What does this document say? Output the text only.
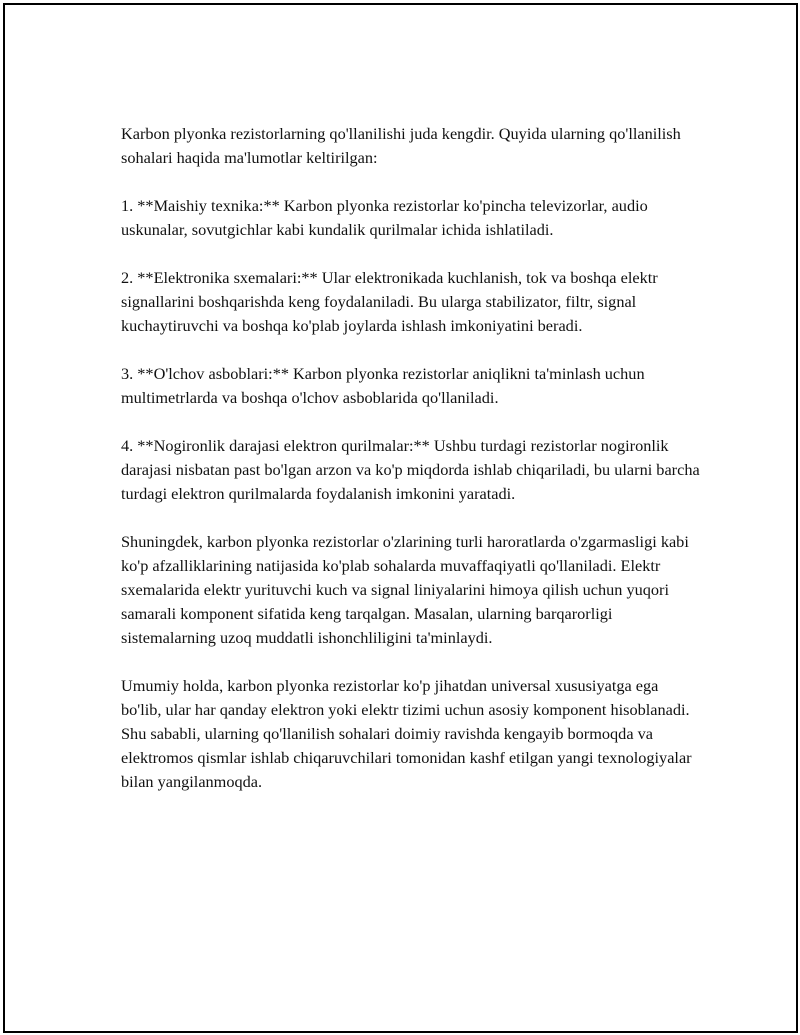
Karbon plyonka rezistorlarning qo'llanilishi juda kengdir. Quyida ularning qo'llanilish sohalari haqida ma'lumotlar keltirilgan:

1. **Maishiy texnika:** Karbon plyonka rezistorlar ko'pincha televizorlar, audio uskunalar, sovutgichlar kabi kundalik qurilmalar ichida ishlatiladi.

2. **Elektronika sxemalari:** Ular elektronikada kuchlanish, tok va boshqa elektr signallarini boshqarishda keng foydalaniladi. Bu ularga stabilizator, filtr, signal kuchaytiruvchi va boshqa ko'plab joylarda ishlash imkoniyatini beradi.

3. **O'lchov asboblari:** Karbon plyonka rezistorlar aniqlikni ta'minlash uchun multimetrlarda va boshqa o'lchov asboblarida qo'llaniladi.

4. **Nogironlik darajasi elektron qurilmalar:** Ushbu turdagi rezistorlar nogironlik darajasi nisbatan past bo'lgan arzon va ko'p miqdorda ishlab chiqariladi, bu ularni barcha turdagi elektron qurilmalarda foydalanish imkonini yaratadi.

Shuningdek, karbon plyonka rezistorlar o'zlarining turli haroratlarda o'zgarmasligi kabi ko'p afzalliklarining natijasida ko'plab sohalarda muvaffaqiyatli qo'llaniladi. Elektr sxemalarida elektr yurituvchi kuch va signal liniyalarini himoya qilish uchun yuqori samarali komponent sifatida keng tarqalgan. Masalan, ularning barqarorligi sistemalarning uzoq muddatli ishonchliligini ta'minlaydi.

Umumiy holda, karbon plyonka rezistorlar ko'p jihatdan universal xususiyatga ega bo'lib, ular har qanday elektron yoki elektr tizimi uchun asosiy komponent hisoblanadi. Shu sababli, ularning qo'llanilish sohalari doimiy ravishda kengayib bormoqda va elektromos qismlar ishlab chiqaruvchilari tomonidan kashf etilgan yangi texnologiyalar bilan yangilanmoqda.
